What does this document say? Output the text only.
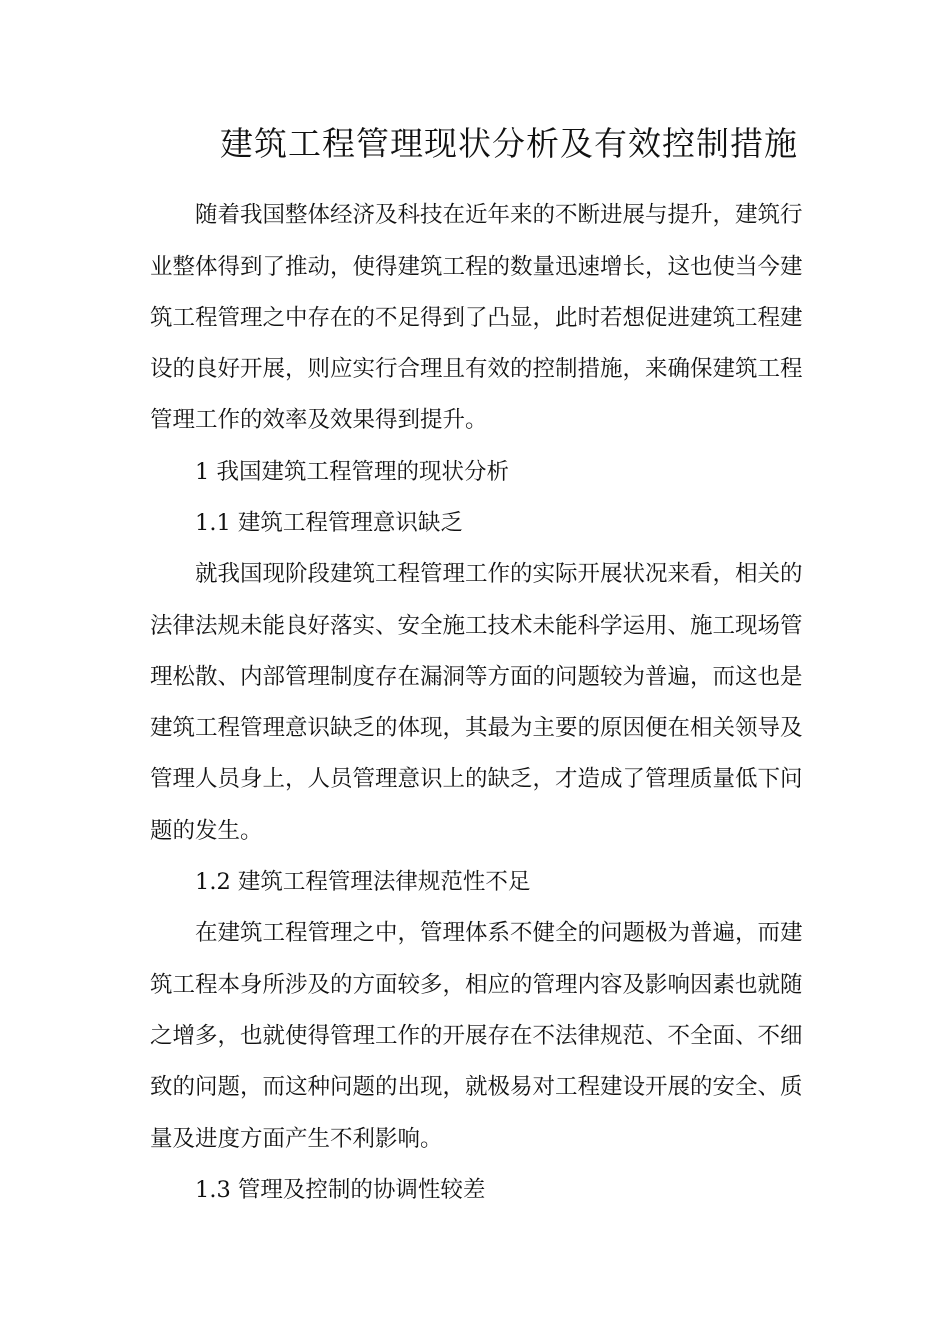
建筑工程管理现状分析及有效控制措施

随着我国整体经济及科技在近年来的不断进展与提升，建筑行

业整体得到了推动，使得建筑工程的数量迅速增长，这也使当今建

筑工程管理之中存在的不足得到了凸显，此时若想促进建筑工程建

设的良好开展，则应实行合理且有效的控制措施，来确保建筑工程

管理工作的效率及效果得到提升。

1 我国建筑工程管理的现状分析

1.1 建筑工程管理意识缺乏

就我国现阶段建筑工程管理工作的实际开展状况来看，相关的

法律法规未能良好落实、安全施工技术未能科学运用、施工现场管

理松散、内部管理制度存在漏洞等方面的问题较为普遍，而这也是

建筑工程管理意识缺乏的体现，其最为主要的原因便在相关领导及

管理人员身上，人员管理意识上的缺乏，才造成了管理质量低下问

题的发生。

1.2 建筑工程管理法律规范性不足

在建筑工程管理之中，管理体系不健全的问题极为普遍，而建

筑工程本身所涉及的方面较多，相应的管理内容及影响因素也就随

之增多，也就使得管理工作的开展存在不法律规范、不全面、不细

致的问题，而这种问题的出现，就极易对工程建设开展的安全、质

量及进度方面产生不利影响。

1.3 管理及控制的协调性较差
